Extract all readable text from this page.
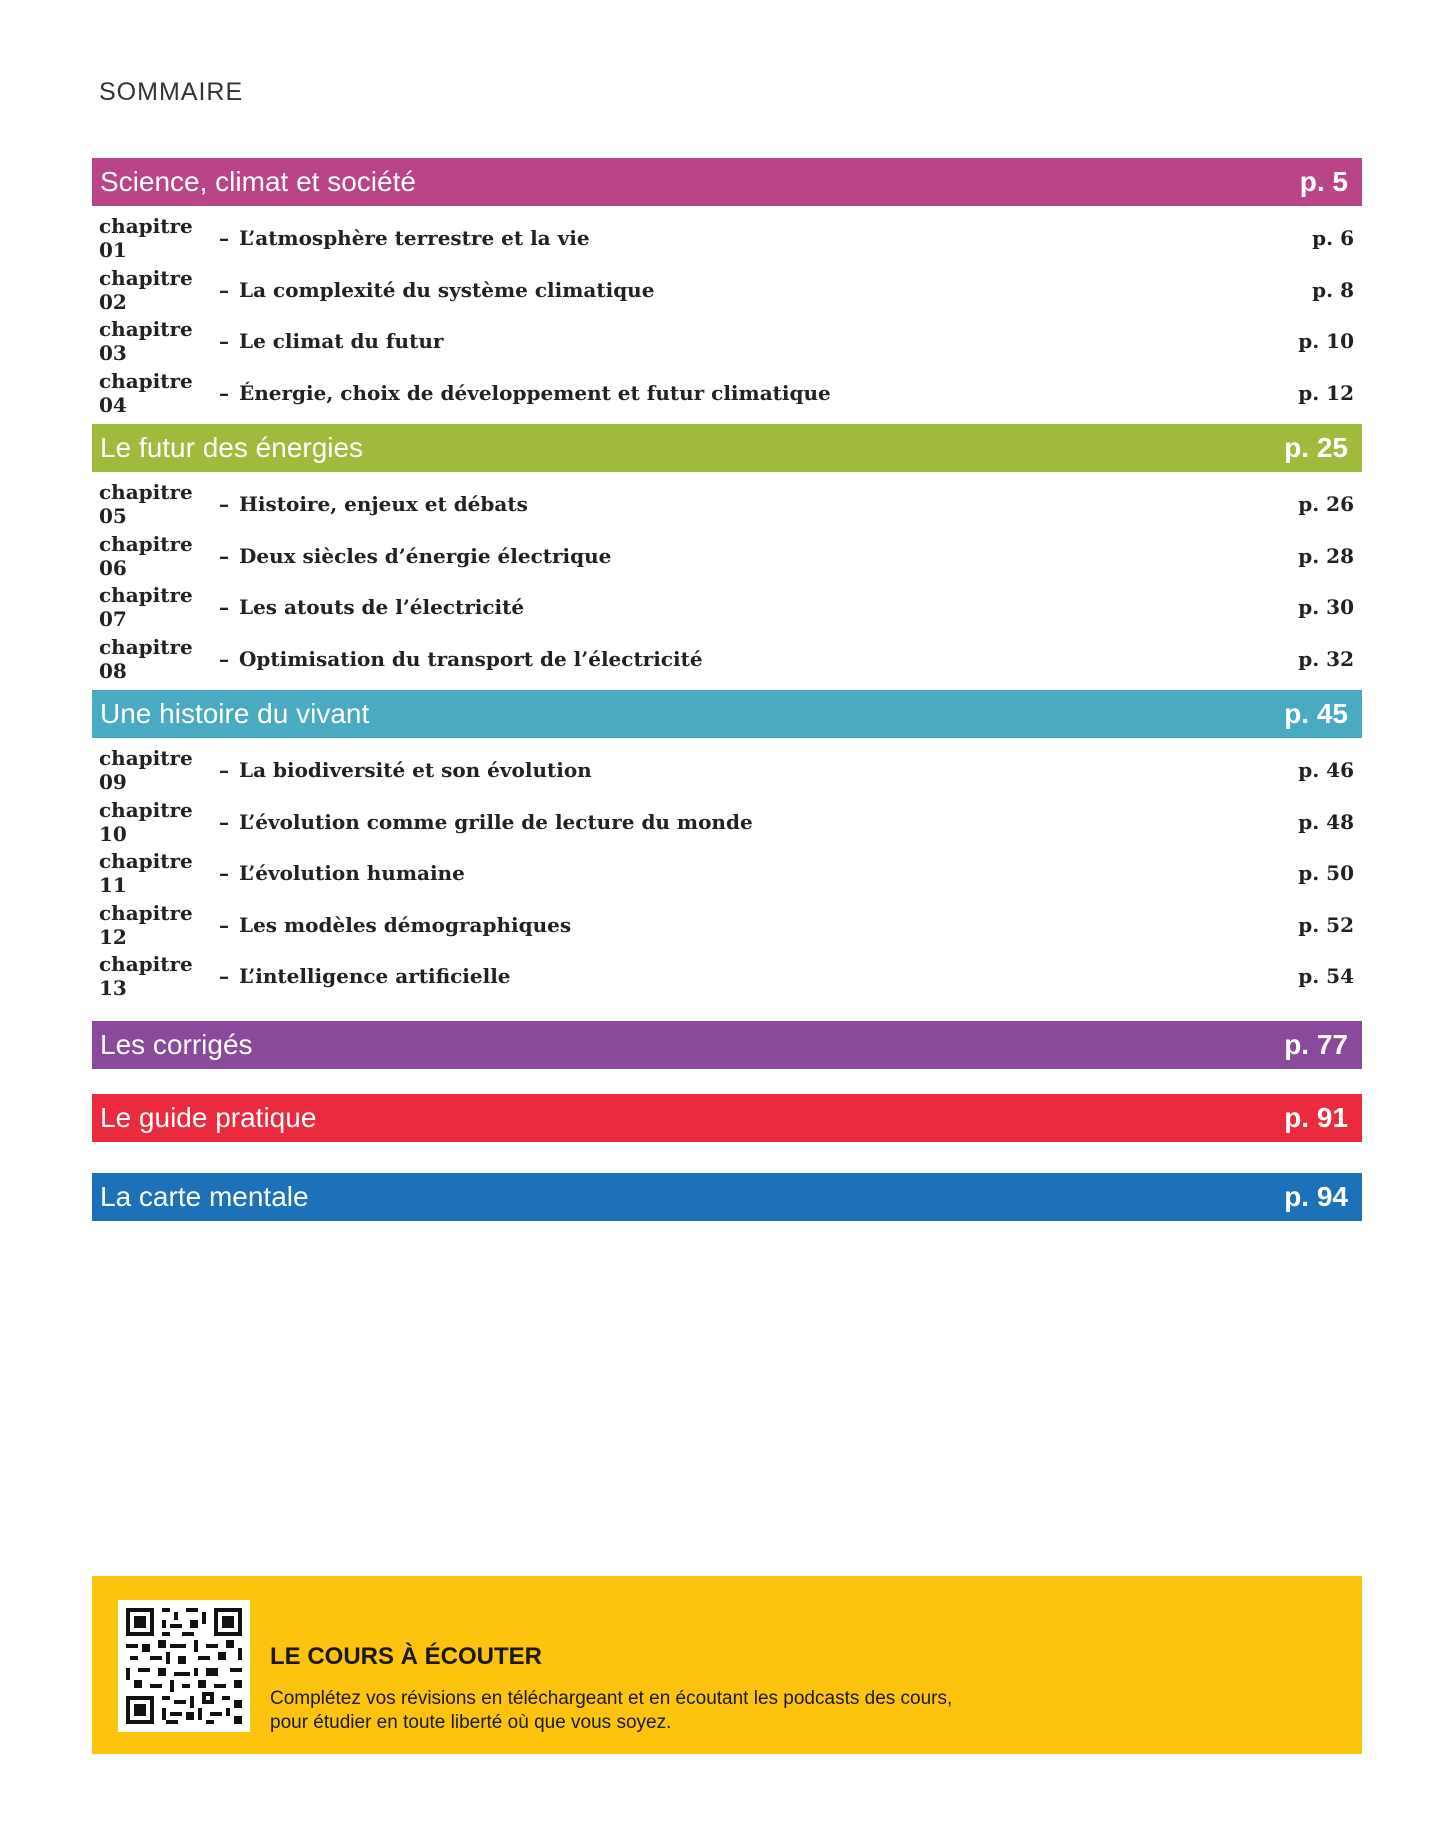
SOMMAIRE
Science, climat et société	p. 5
chapitre 01	– L’atmosphère terrestre et la vie	p. 6
chapitre 02	– La complexité du système climatique	p. 8
chapitre 03	– Le climat du futur	p. 10
chapitre 04	– Énergie, choix de développement et futur climatique	p. 12
Le futur des énergies	p. 25
chapitre 05	– Histoire, enjeux et débats	p. 26
chapitre 06	– Deux siècles d’énergie électrique	p. 28
chapitre 07	– Les atouts de l’électricité	p. 30
chapitre 08	– Optimisation du transport de l’électricité	p. 32
Une histoire du vivant	p. 45
chapitre 09	– La biodiversité et son évolution	p. 46
chapitre 10	– L’évolution comme grille de lecture du monde	p. 48
chapitre 11	– L’évolution humaine	p. 50
chapitre 12	– Les modèles démographiques	p. 52
chapitre 13	– L’intelligence artificielle	p. 54
Les corrigés	p. 77
Le guide pratique	p. 91
La carte mentale	p. 94
LE COURS À ÉCOUTER
Complétez vos révisions en téléchargeant et en écoutant les podcasts des cours,
pour étudier en toute liberté où que vous soyez.
